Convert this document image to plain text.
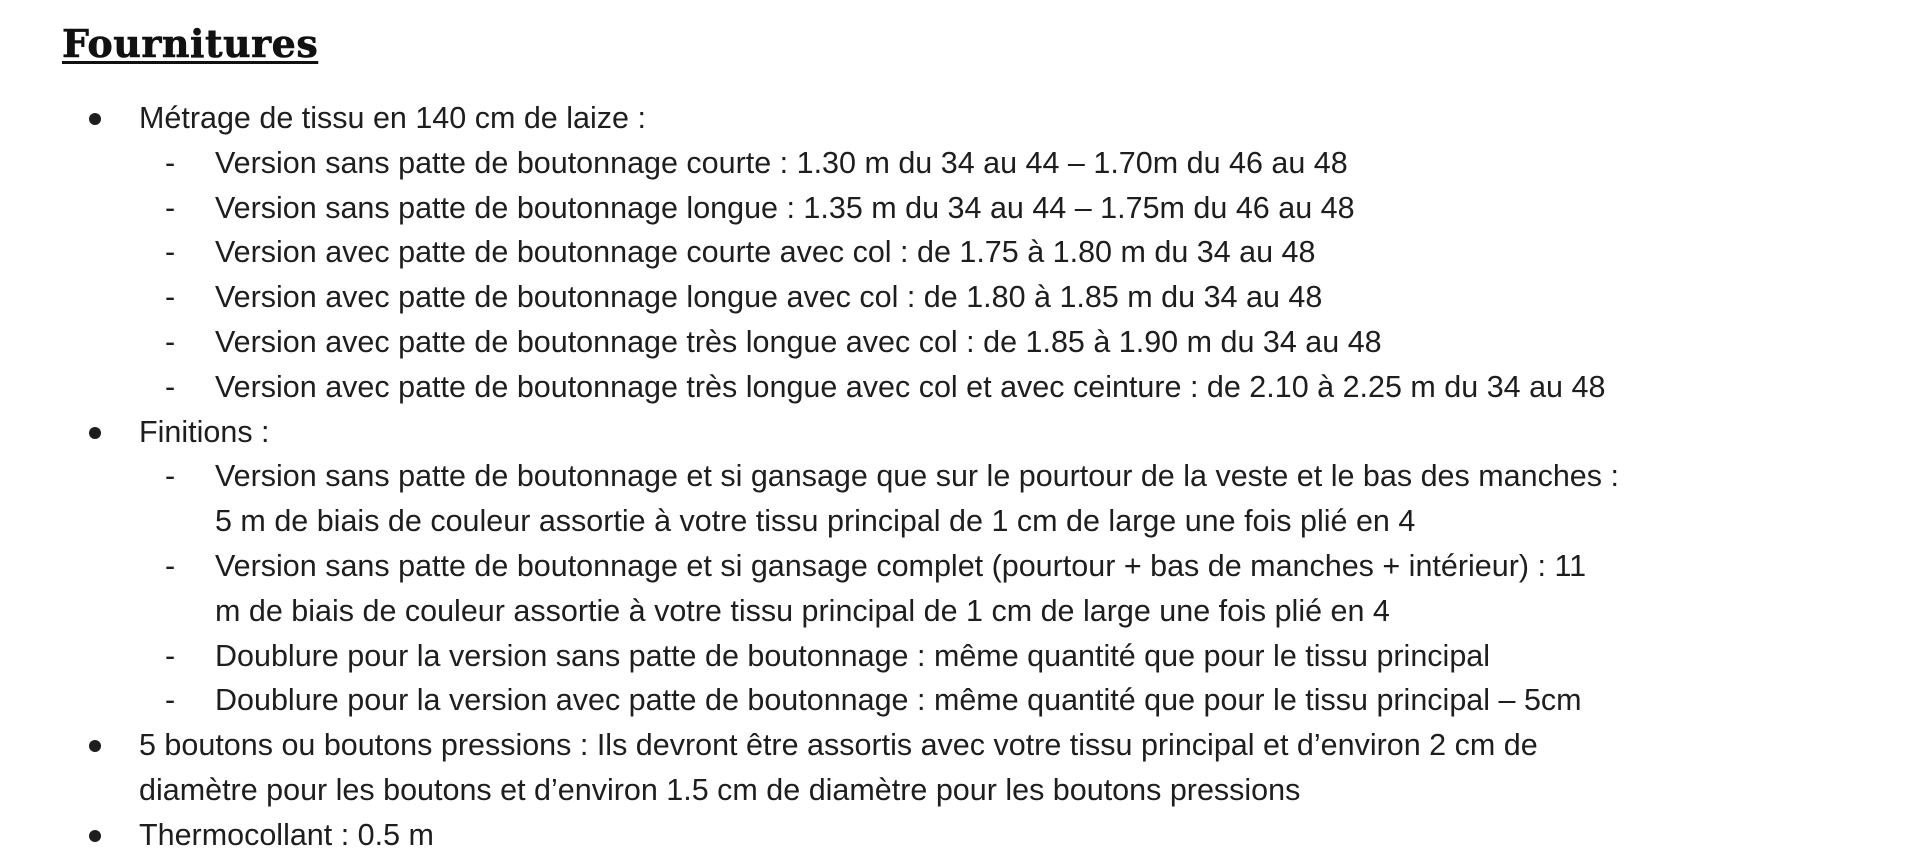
Fournitures
Métrage de tissu en 140 cm de laize :
- Version sans patte de boutonnage courte : 1.30 m du 34 au 44 – 1.70m du 46 au 48
- Version sans patte de boutonnage longue : 1.35 m du 34 au 44 – 1.75m du 46 au 48
- Version avec patte de boutonnage courte avec col : de 1.75 à 1.80 m du 34 au 48
- Version avec patte de boutonnage longue avec col : de 1.80 à 1.85 m du 34 au 48
- Version avec patte de boutonnage très longue avec col : de 1.85 à 1.90 m du 34 au 48
- Version avec patte de boutonnage très longue avec col et avec ceinture : de 2.10 à 2.25 m du 34 au 48
Finitions :
- Version sans patte de boutonnage et si gansage que sur le pourtour de la veste et le bas des manches :
5 m de biais de couleur assortie à votre tissu principal de 1 cm de large une fois plié en 4
- Version sans patte de boutonnage et si gansage complet (pourtour + bas de manches + intérieur) : 11
m de biais de couleur assortie à votre tissu principal de 1 cm de large une fois plié en 4
- Doublure pour la version sans patte de boutonnage : même quantité que pour le tissu principal
- Doublure pour la version avec patte de boutonnage : même quantité que pour le tissu principal – 5cm
5 boutons ou boutons pressions : Ils devront être assortis avec votre tissu principal et d’environ 2 cm de
diamètre pour les boutons et d’environ 1.5 cm de diamètre pour les boutons pressions
Thermocollant : 0.5 m
